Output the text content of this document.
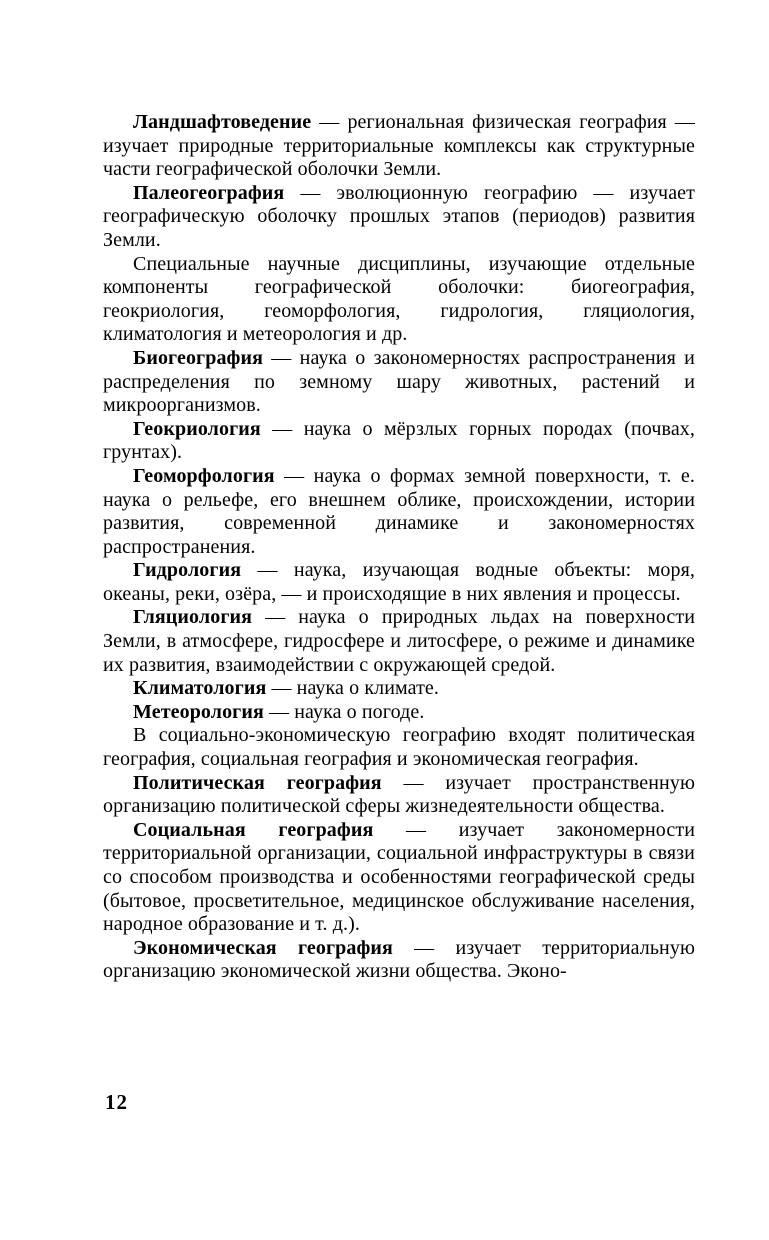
Ландшафтоведение — региональная физическая география — изучает природные территориальные комплексы как структурные части географической оболочки Земли.

Палеогеография — эволюционную географию — изучает географическую оболочку прошлых этапов (периодов) развития Земли.

Специальные научные дисциплины, изучающие отдельные компоненты географической оболочки: биогеография, геокриология, геоморфология, гидрология, гляциология, климатология и метеорология и др.

Биогеография — наука о закономерностях распространения и распределения по земному шару животных, растений и микроорганизмов.

Геокриология — наука о мёрзлых горных породах (почвах, грунтах).

Геоморфология — наука о формах земной поверхности, т. е. наука о рельефе, его внешнем облике, происхождении, истории развития, современной динамике и закономерностях распространения.

Гидрология — наука, изучающая водные объекты: моря, океаны, реки, озёра, — и происходящие в них явления и процессы.

Гляциология — наука о природных льдах на поверхности Земли, в атмосфере, гидросфере и литосфере, о режиме и динамике их развития, взаимодействии с окружающей средой.

Климатология — наука о климате.

Метеорология — наука о погоде.

В социально-экономическую географию входят политическая география, социальная география и экономическая география.

Политическая география — изучает пространственную организацию политической сферы жизнедеятельности общества.

Социальная география — изучает закономерности территориальной организации, социальной инфраструктуры в связи со способом производства и особенностями географической среды (бытовое, просветительное, медицинское обслуживание населения, народное образование и т. д.).

Экономическая география — изучает территориальную организацию экономической жизни общества. Эконо-

12
